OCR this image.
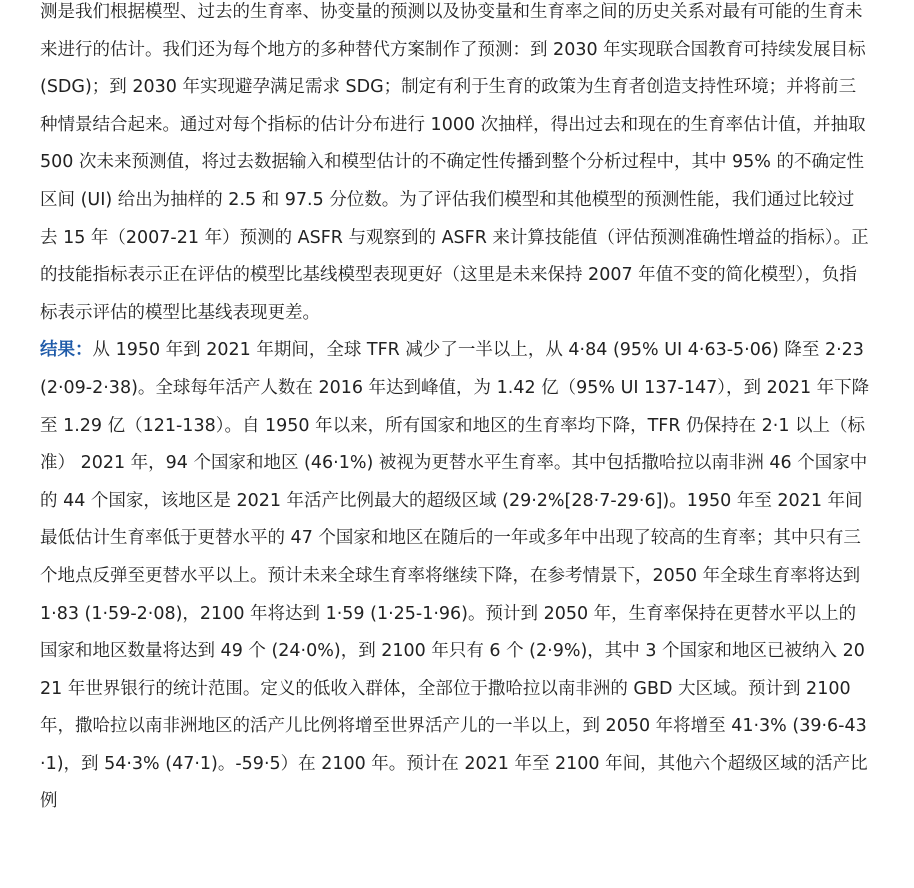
测是我们根据模型、过去的生育率、协变量的预测以及协变量和生育率之间的历史关系对最有可能的生育未来进行的估计。我们还为每个地方的多种替代方案制作了预测：到 2030 年实现联合国教育可持续发展目标 (SDG)；到 2030 年实现避孕满足需求 SDG；制定有利于生育的政策为生育者创造支持性环境；并将前三种情景结合起来。通过对每个指标的估计分布进行 1000 次抽样，得出过去和现在的生育率估计值，并抽取 500 次未来预测值，将过去数据输入和模型估计的不确定性传播到整个分析过程中，其中 95% 的不确定性区间 (UI) 给出为抽样的 2.5 和 97.5 分位数。为了评估我们模型和其他模型的预测性能，我们通过比较过去 15 年（2007-21 年）预测的 ASFR 与观察到的 ASFR 来计算技能值（评估预测准确性增益的指标）。正的技能指标表示正在评估的模型比基线模型表现更好（这里是未来保持 2007 年值不变的简化模型），负指标表示评估的模型比基线表现更差。

结果：从 1950 年到 2021 年期间，全球 TFR 减少了一半以上，从 4·84 (95% UI 4·63-5·06) 降至 2·23 (2·09-2·38)。全球每年活产人数在 2016 年达到峰值，为 1.42 亿（95% UI 137-147），到 2021 年下降至 1.29 亿（121-138）。自 1950 年以来，所有国家和地区的生育率均下降，TFR 仍保持在 2·1 以上（标准） 2021 年，94 个国家和地区 (46·1%) 被视为更替水平生育率。其中包括撒哈拉以南非洲 46 个国家中的 44 个国家，该地区是 2021 年活产比例最大的超级区域 (29·2%[28·7-29·6])。1950 年至 2021 年间最低估计生育率低于更替水平的 47 个国家和地区在随后的一年或多年中出现了较高的生育率；其中只有三个地点反弹至更替水平以上。预计未来全球生育率将继续下降，在参考情景下，2050 年全球生育率将达到 1·83 (1·59-2·08)，2100 年将达到 1·59 (1·25-1·96)。预计到 2050 年，生育率保持在更替水平以上的国家和地区数量将达到 49 个 (24·0%)，到 2100 年只有 6 个 (2·9%)，其中 3 个国家和地区已被纳入 2021 年世界银行的统计范围。定义的低收入群体，全部位于撒哈拉以南非洲的 GBD 大区域。预计到 2100 年，撒哈拉以南非洲地区的活产儿比例将增至世界活产儿的一半以上，到 2050 年将增至 41·3% (39·6-43·1)，到 54·3% (47·1)。-59·5）在 2100 年。预计在 2021 年至 2100 年间，其他六个超级区域的活产比例
